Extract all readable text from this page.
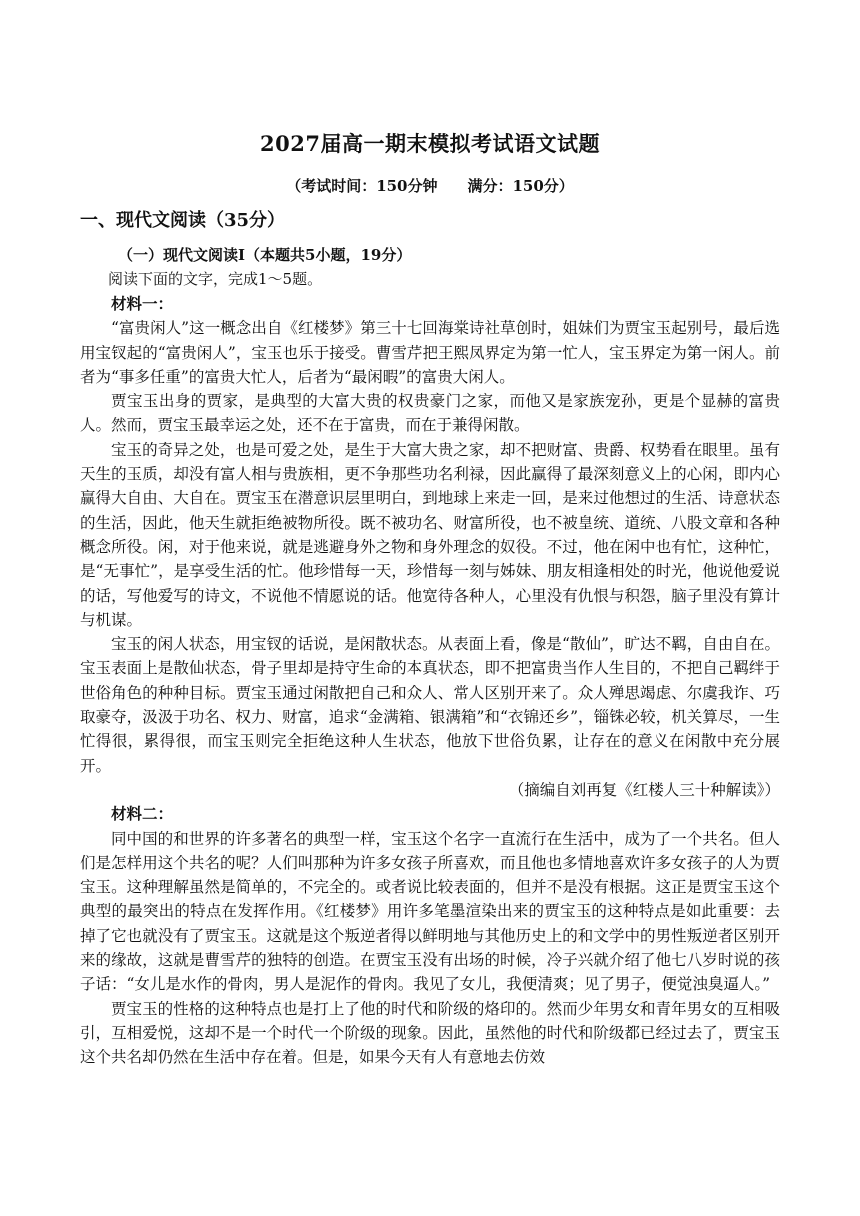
2027届高一期末模拟考试语文试题
（考试时间：150分钟　　满分：150分）
一、现代文阅读（35分）
（一）现代文阅读Ⅰ（本题共5小题，19分）
阅读下面的文字，完成1～5题。

材料一：

“富贵闲人”这一概念出自《红楼梦》第三十七回海棠诗社草创时，姐妹们为贾宝玉起别号，最后选用宝钗起的“富贵闲人”，宝玉也乐于接受。曹雪芹把王熙凤界定为第一忙人，宝玉界定为第一闲人。前者为“事多任重”的富贵大忙人，后者为“最闲暇”的富贵大闲人。

贾宝玉出身的贾家，是典型的大富大贵的权贵豪门之家，而他又是家族宠孙，更是个显赫的富贵人。然而，贾宝玉最幸运之处，还不在于富贵，而在于兼得闲散。

宝玉的奇异之处，也是可爱之处，是生于大富大贵之家，却不把财富、贵爵、权势看在眼里。虽有天生的玉质，却没有富人相与贵族相，更不争那些功名利禄，因此赢得了最深刻意义上的心闲，即内心赢得大自由、大自在。贾宝玉在潜意识层里明白，到地球上来走一回，是来过他想过的生活、诗意状态的生活，因此，他天生就拒绝被物所役。既不被功名、财富所役，也不被皇统、道统、八股文章和各种概念所役。闲，对于他来说，就是逃避身外之物和身外理念的奴役。不过，他在闲中也有忙，这种忙，是“无事忙”，是享受生活的忙。他珍惜每一天，珍惜每一刻与姊妹、朋友相逢相处的时光，他说他爱说的话，写他爱写的诗文，不说他不情愿说的话。他宽待各种人，心里没有仇恨与积怨，脑子里没有算计与机谋。

宝玉的闲人状态，用宝钗的话说，是闲散状态。从表面上看，像是“散仙”，旷达不羁，自由自在。宝玉表面上是散仙状态，骨子里却是持守生命的本真状态，即不把富贵当作人生目的，不把自己羁绊于世俗角色的种种目标。贾宝玉通过闲散把自己和众人、常人区别开来了。众人殚思竭虑、尔虞我诈、巧取豪夺，汲汲于功名、权力、财富，追求“金满箱、银满箱”和“衣锦还乡”，锱铢必较，机关算尽，一生忙得很，累得很，而宝玉则完全拒绝这种人生状态，他放下世俗负累，让存在的意义在闲散中充分展开。

（摘编自刘再复《红楼人三十种解读》）

材料二：

同中国的和世界的许多著名的典型一样，宝玉这个名字一直流行在生活中，成为了一个共名。但人们是怎样用这个共名的呢？人们叫那种为许多女孩子所喜欢，而且他也多情地喜欢许多女孩子的人为贾宝玉。这种理解虽然是简单的，不完全的。或者说比较表面的，但并不是没有根据。这正是贾宝玉这个典型的最突出的特点在发挥作用。《红楼梦》用许多笔墨渲染出来的贾宝玉的这种特点是如此重要：去掉了它也就没有了贾宝玉。这就是这个叛逆者得以鲜明地与其他历史上的和文学中的男性叛逆者区别开来的缘故，这就是曹雪芹的独特的创造。在贾宝玉没有出场的时候，冷子兴就介绍了他七八岁时说的孩子话：“女儿是水作的骨肉，男人是泥作的骨肉。我见了女儿，我便清爽；见了男子，便觉浊臭逼人。”

贾宝玉的性格的这种特点也是打上了他的时代和阶级的烙印的。然而少年男女和青年男女的互相吸引，互相爱悦，这却不是一个时代一个阶级的现象。因此，虽然他的时代和阶级都已经过去了，贾宝玉这个共名却仍然在生活中存在着。但是，如果今天有人有意地去仿效
